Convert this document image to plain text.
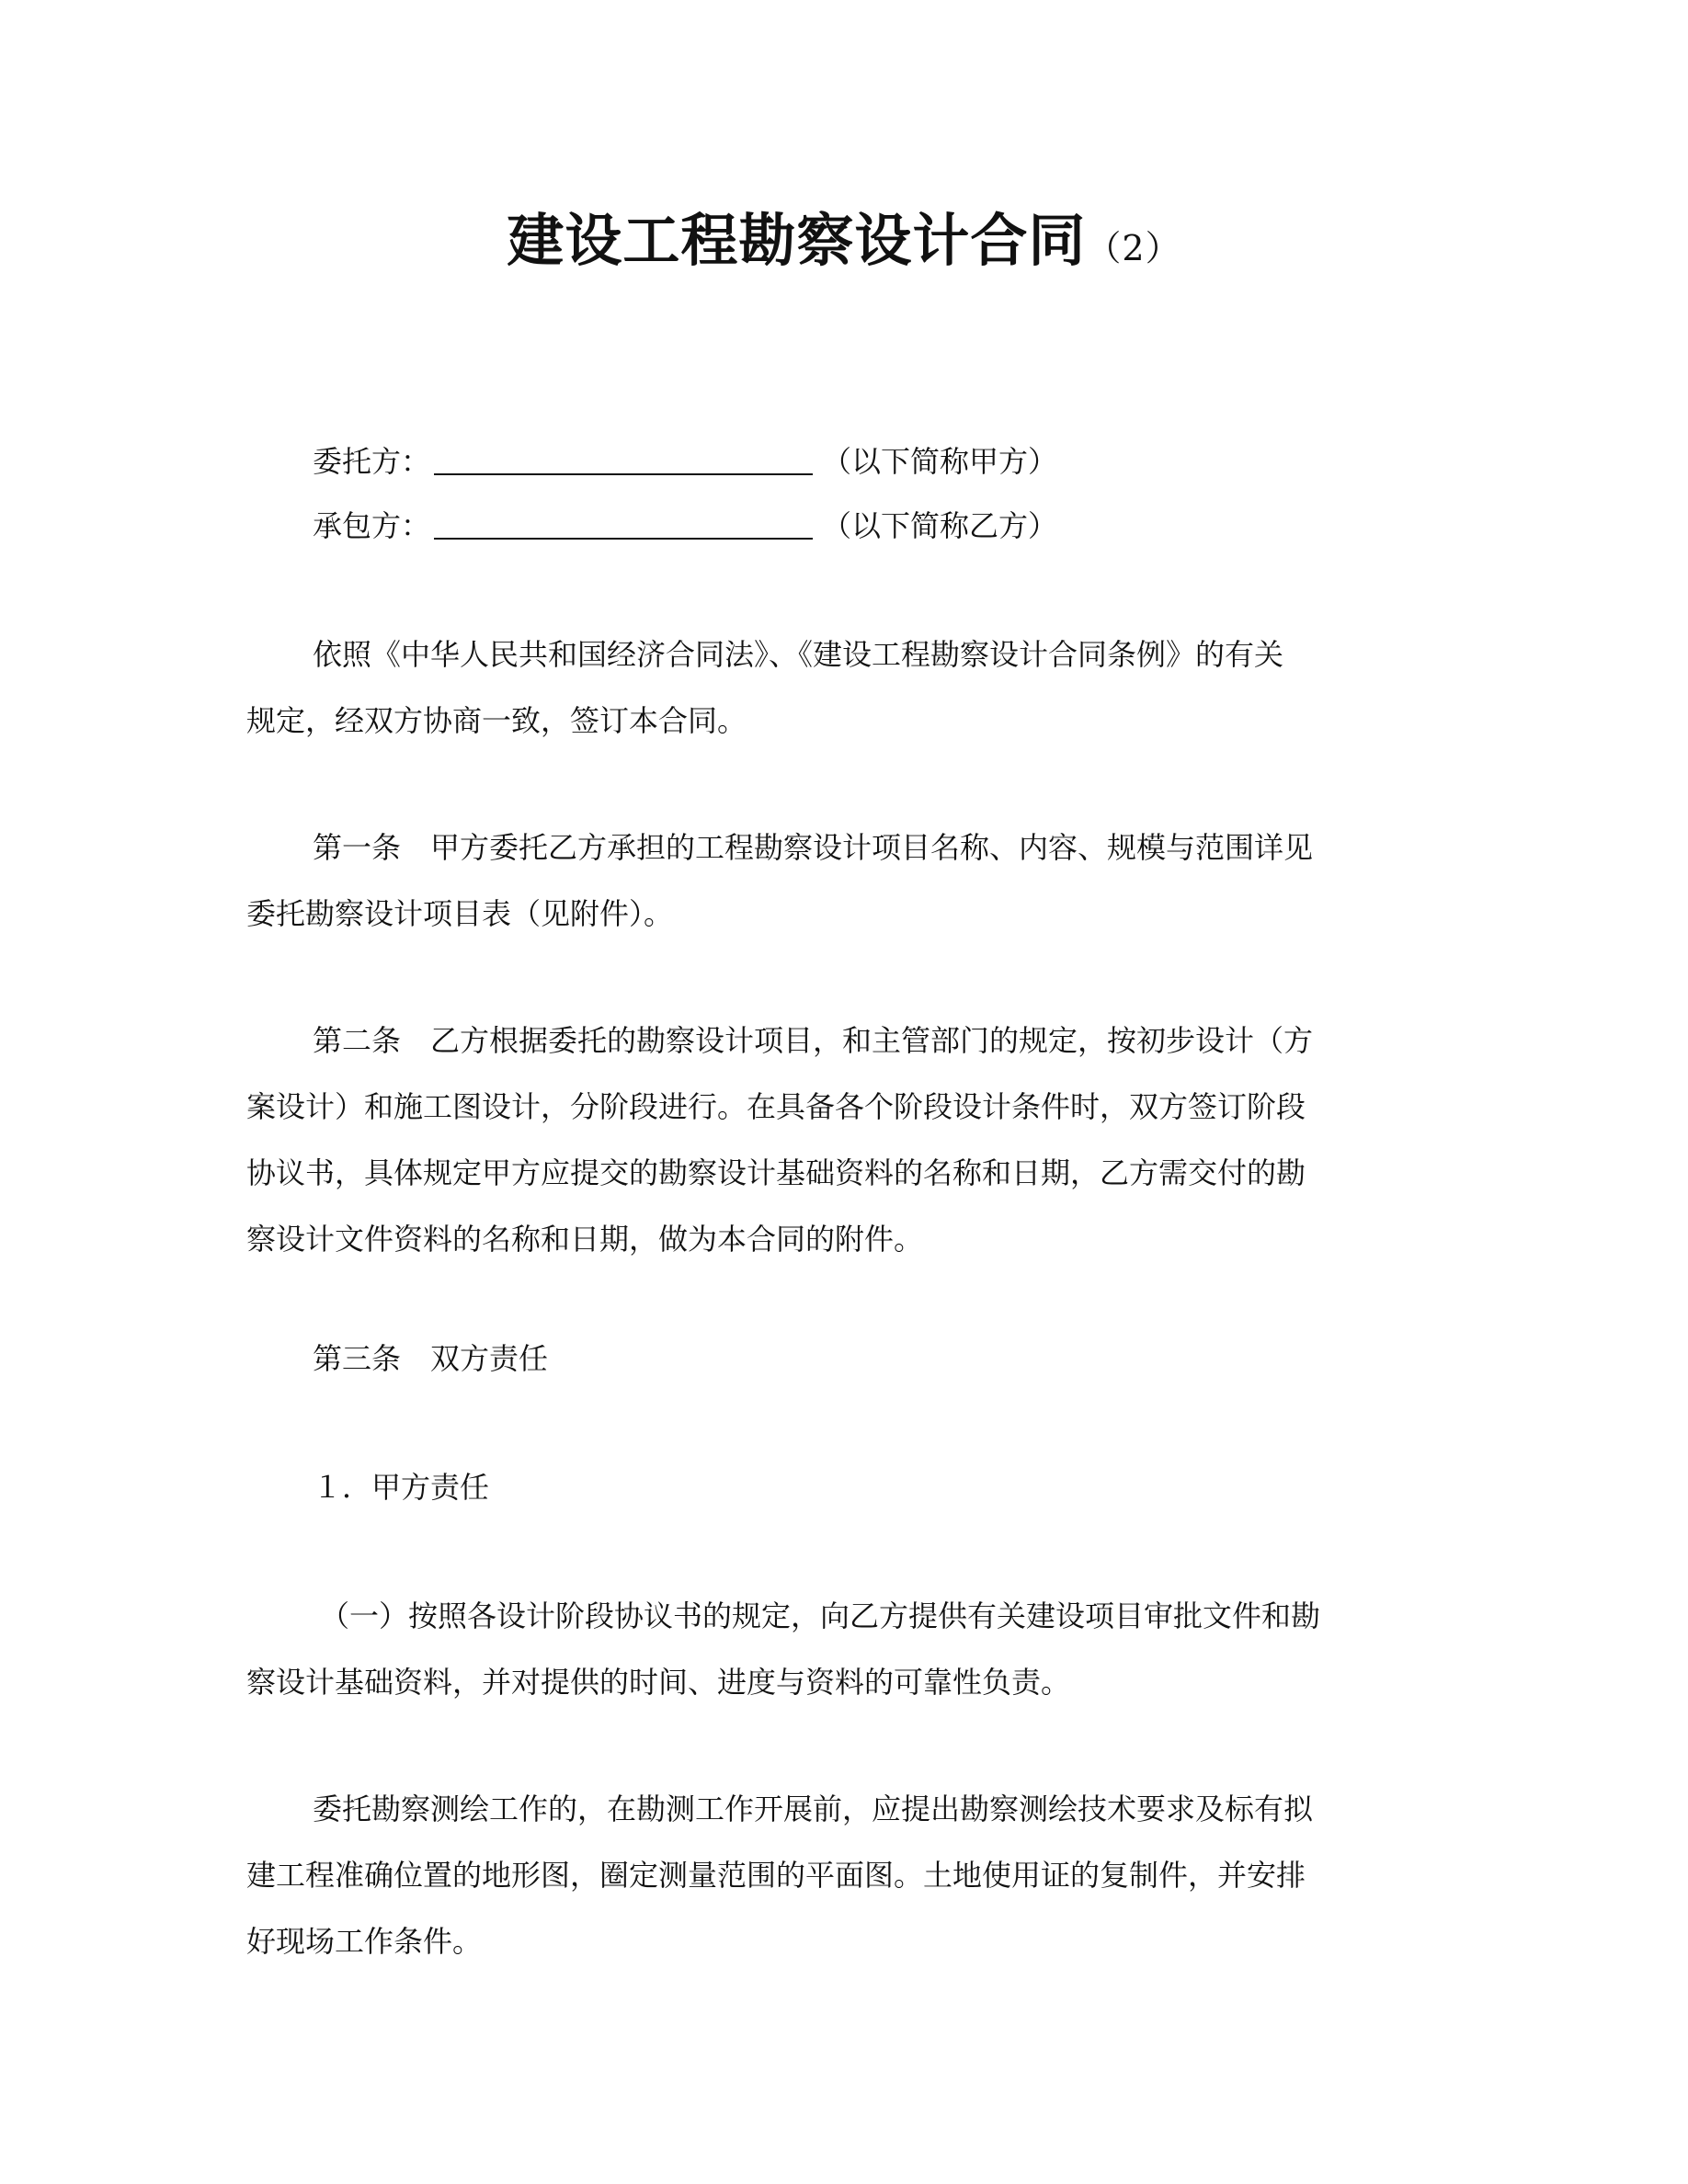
建设工程勘察设计合同（2）
委托方：	（以下简称甲方）
承包方：	（以下简称乙方）
依照《中华人民共和国经济合同法》、《建设工程勘察设计合同条例》的有关
规定，经双方协商一致，签订本合同。
第一条　甲方委托乙方承担的工程勘察设计项目名称、内容、规模与范围详见
委托勘察设计项目表（见附件）。
第二条　乙方根据委托的勘察设计项目，和主管部门的规定，按初步设计（方
案设计）和施工图设计，分阶段进行。在具备各个阶段设计条件时，双方签订阶段
协议书，具体规定甲方应提交的勘察设计基础资料的名称和日期，乙方需交付的勘
察设计文件资料的名称和日期，做为本合同的附件。
第三条　双方责任
１．甲方责任
（一）按照各设计阶段协议书的规定，向乙方提供有关建设项目审批文件和勘
察设计基础资料，并对提供的时间、进度与资料的可靠性负责。
委托勘察测绘工作的，在勘测工作开展前，应提出勘察测绘技术要求及标有拟
建工程准确位置的地形图，圈定测量范围的平面图。土地使用证的复制件，并安排
好现场工作条件。
